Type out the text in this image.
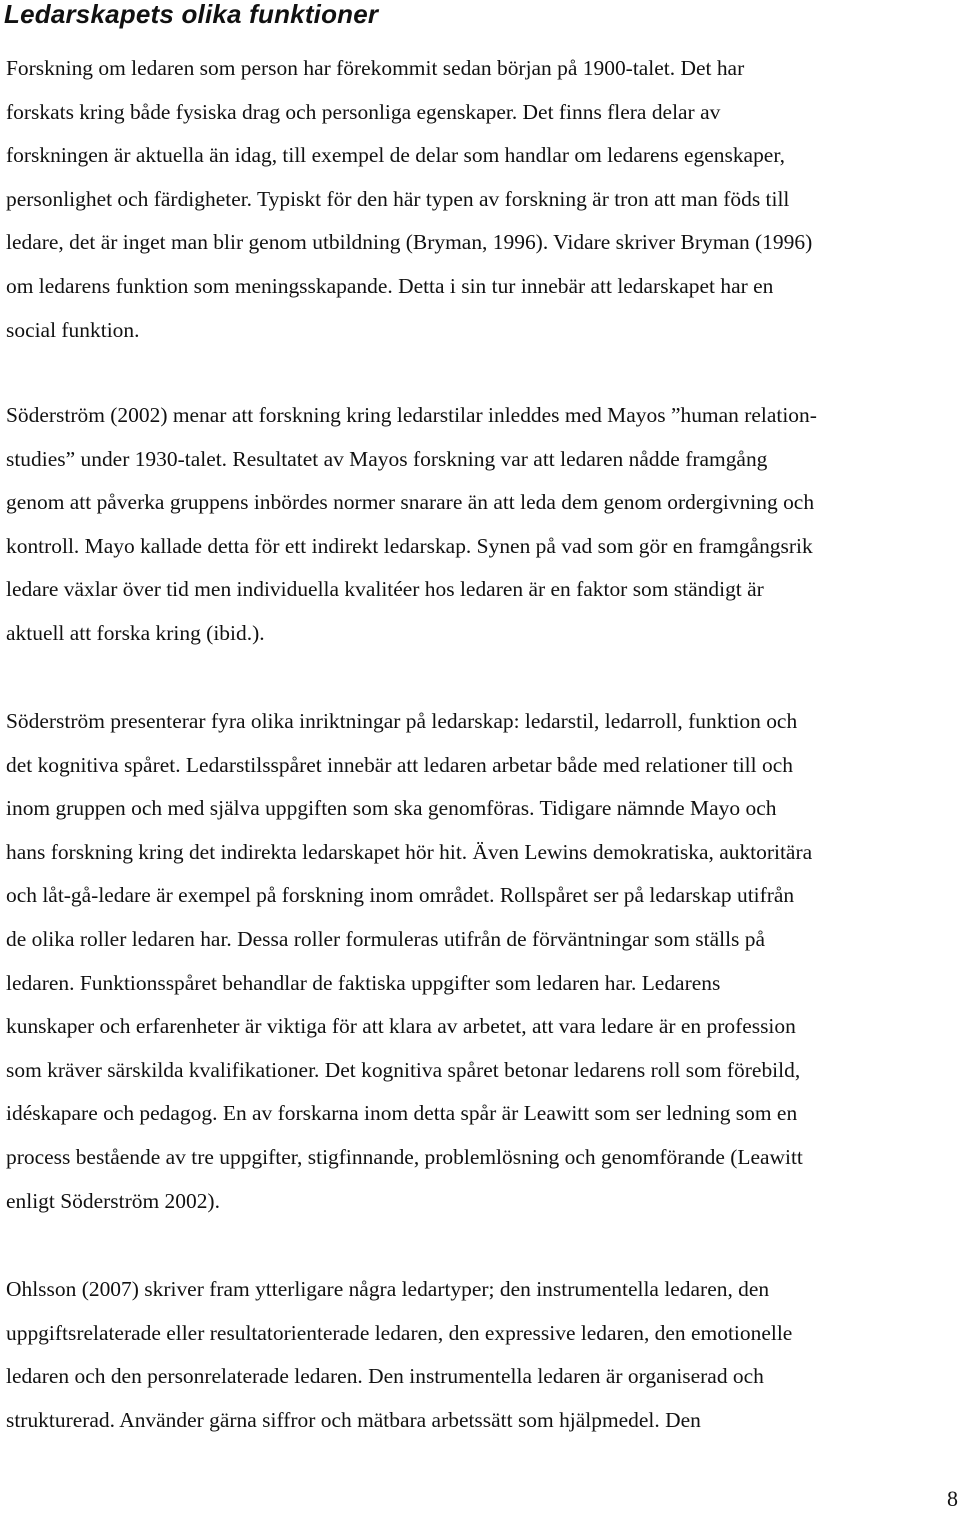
Ledarskapets olika funktioner
Forskning om ledaren som person har förekommit sedan början på 1900-talet. Det har
forskats kring både fysiska drag och personliga egenskaper. Det finns flera delar av
forskningen är aktuella än idag, till exempel de delar som handlar om ledarens egenskaper,
personlighet och färdigheter. Typiskt för den här typen av forskning är tron att man föds till
ledare, det är inget man blir genom utbildning (Bryman, 1996). Vidare skriver Bryman (1996)
om ledarens funktion som meningsskapande. Detta i sin tur innebär att ledarskapet har en
social funktion.
Söderström (2002) menar att forskning kring ledarstilar inleddes med Mayos ”human relation-
studies” under 1930-talet. Resultatet av Mayos forskning var att ledaren nådde framgång
genom att påverka gruppens inbördes normer snarare än att leda dem genom ordergivning och
kontroll. Mayo kallade detta för ett indirekt ledarskap. Synen på vad som gör en framgångsrik
ledare växlar över tid men individuella kvalitéer hos ledaren är en faktor som ständigt är
aktuell att forska kring (ibid.).
Söderström presenterar fyra olika inriktningar på ledarskap: ledarstil, ledarroll, funktion och
det kognitiva spåret. Ledarstilsspåret innebär att ledaren arbetar både med relationer till och
inom gruppen och med själva uppgiften som ska genomföras. Tidigare nämnde Mayo och
hans forskning kring det indirekta ledarskapet hör hit. Även Lewins demokratiska, auktoritära
och låt-gå-ledare är exempel på forskning inom området. Rollspåret ser på ledarskap utifrån
de olika roller ledaren har. Dessa roller formuleras utifrån de förväntningar som ställs på
ledaren. Funktionsspåret behandlar de faktiska uppgifter som ledaren har. Ledarens
kunskaper och erfarenheter är viktiga för att klara av arbetet, att vara ledare är en profession
som kräver särskilda kvalifikationer. Det kognitiva spåret betonar ledarens roll som förebild,
idéskapare och pedagog. En av forskarna inom detta spår är Leawitt som ser ledning som en
process bestående av tre uppgifter, stigfinnande, problemlösning och genomförande (Leawitt
enligt Söderström 2002).
Ohlsson (2007) skriver fram ytterligare några ledartyper; den instrumentella ledaren, den
uppgiftsrelaterade eller resultatorienterade ledaren, den expressive ledaren, den emotionelle
ledaren och den personrelaterade ledaren. Den instrumentella ledaren är organiserad och
strukturerad. Använder gärna siffror och mätbara arbetssätt som hjälpmedel. Den
8
